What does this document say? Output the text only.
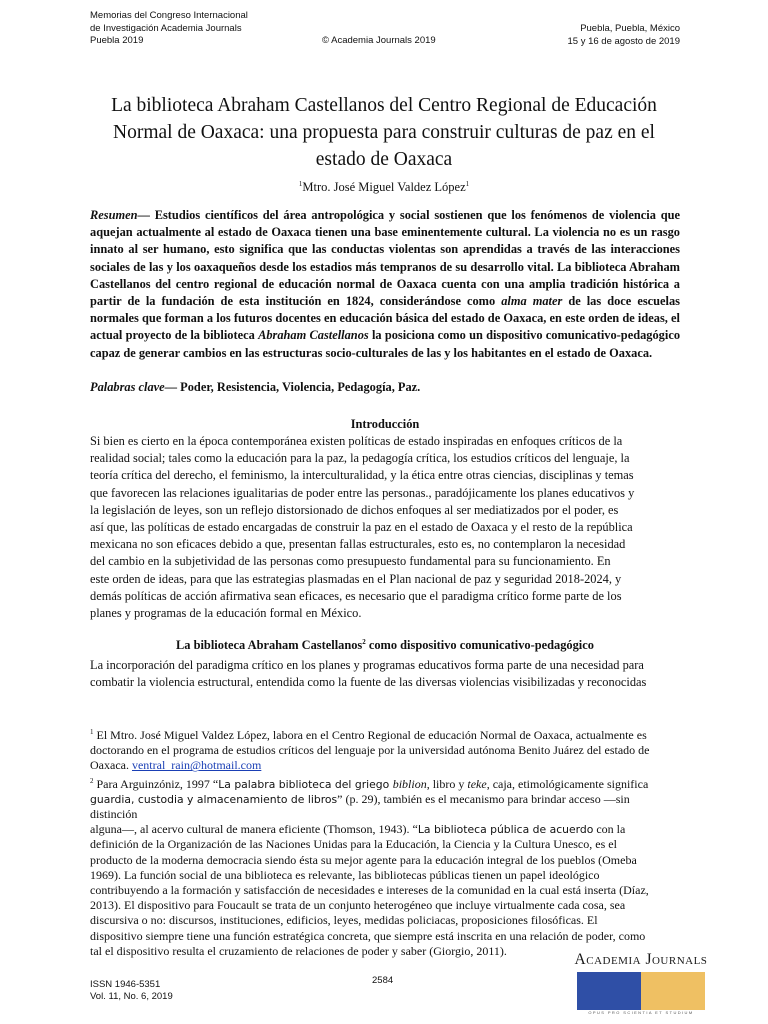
Memorias del Congreso Internacional
de Investigación Academia Journals
Puebla 2019	© Academia Journals 2019
Puebla, Puebla, México
15 y 16 de agosto de 2019
La biblioteca Abraham Castellanos del Centro Regional de Educación
Normal de Oaxaca: una propuesta para construir culturas de paz en el
estado de Oaxaca
$^1$Mtro. José Miguel Valdez López$^1$
Resumen— Estudios científicos del área antropológica y social sostienen que los fenómenos de violencia que aquejan actualmente al estado de Oaxaca tienen una base eminentemente cultural. La violencia no es un rasgo innato al ser humano, esto significa que las conductas violentas son aprendidas a través de las interacciones sociales de las y los oaxaqueños desde los estadios más tempranos de su desarrollo vital. La biblioteca Abraham Castellanos del centro regional de educación normal de Oaxaca cuenta con una amplia tradición histórica a partir de la fundación de esta institución en 1824, considerándose como alma mater de las doce escuelas normales que forman a los futuros docentes en educación básica del estado de Oaxaca, en este orden de ideas, el actual proyecto de la biblioteca Abraham Castellanos la posiciona como un dispositivo comunicativo-pedagógico capaz de generar cambios en las estructuras socio-culturales de las y los habitantes en el estado de Oaxaca.
Palabras clave— Poder, Resistencia, Violencia, Pedagogía, Paz.
Introducción
Si bien es cierto en la época contemporánea existen políticas de estado inspiradas en enfoques críticos de la
realidad social; tales como la educación para la paz, la pedagogía crítica, los estudios críticos del lenguaje, la
teoría crítica del derecho, el feminismo, la interculturalidad, y la ética entre otras ciencias, disciplinas y temas
que favorecen las relaciones igualitarias de poder entre las personas., paradójicamente los planes educativos y
la legislación de leyes, son un reflejo distorsionado de dichos enfoques al ser mediatizados por el poder, es
así que, las políticas de estado encargadas de construir la paz en el estado de Oaxaca y el resto de la república
mexicana no son eficaces debido a que, presentan fallas estructurales, esto es, no contemplaron la necesidad
del cambio en la subjetividad de las personas como presupuesto fundamental para su funcionamiento. En
este orden de ideas, para que las estrategias plasmadas en el Plan nacional de paz y seguridad 2018-2024, y
demás políticas de acción afirmativa sean eficaces, es necesario que el paradigma crítico forme parte de los
planes y programas de la educación formal en México.
La biblioteca Abraham Castellanos$^2$ como dispositivo comunicativo-pedagógico
La incorporación del paradigma crítico en los planes y programas educativos forma parte de una necesidad para
combatir la violencia estructural, entendida como la fuente de las diversas violencias visibilizadas y reconocidas
$^1$ El Mtro. José Miguel Valdez López, labora en el Centro Regional de educación Normal de Oaxaca, actualmente es
doctorando en el programa de estudios críticos del lenguaje por la universidad autónoma Benito Juárez del estado de
Oaxaca. ventral_rain@hotmail.com
$^2$ Para Arguinzóniz, 1997 “La palabra biblioteca del griego biblion, libro y teke, caja, etimológicamente significa
guardia, custodia y almacenamiento de libros” (p. 29), también es el mecanismo para brindar acceso —sin distinción
alguna—, al acervo cultural de manera eficiente (Thomson, 1943). “La biblioteca pública de acuerdo con la
definición de la Organización de las Naciones Unidas para la Educación, la Ciencia y la Cultura Unesco, es el
producto de la moderna democracia siendo ésta su mejor agente para la educación integral de los pueblos (Omeba
1969). La función social de una biblioteca es relevante, las bibliotecas públicas tienen un papel ideológico
contribuyendo a la formación y satisfacción de necesidades e intereses de la comunidad en la cual está inserta (Díaz,
2013). El dispositivo para Foucault se trata de un conjunto heterogéneo que incluye virtualmente cada cosa, sea
discursiva o no: discursos, instituciones, edificios, leyes, medidas policiacas, proposiciones filosóficas. El
dispositivo siempre tiene una función estratégica concreta, que siempre está inscrita en una relación de poder, como
tal el dispositivo resulta el cruzamiento de relaciones de poder y saber (Giorgio, 2011).
ISSN 1946-5351
Vol. 11, No. 6, 2019
2584
Academia Journals
OPUS PRO SCIENTIA ET STUDIUM
